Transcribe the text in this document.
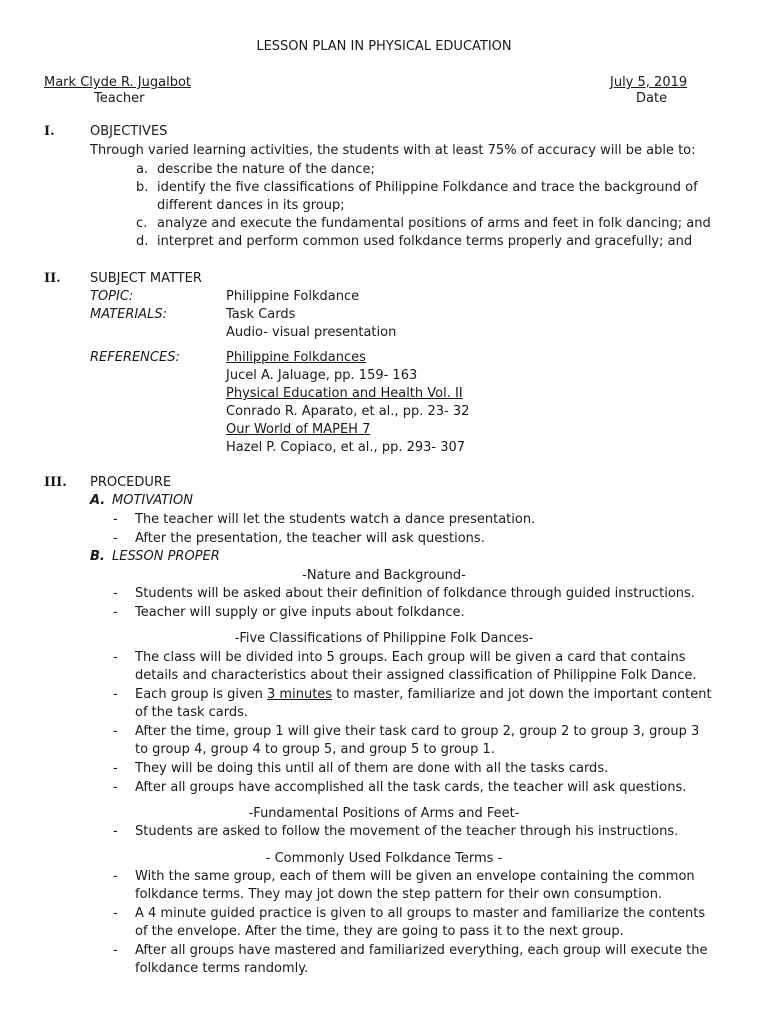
LESSON PLAN IN PHYSICAL EDUCATION
Mark Clyde R. Jugalbot
Teacher
July 5, 2019
Date
I.	OBJECTIVES
Through varied learning activities, the students with at least 75% of accuracy will be able to:
a. describe the nature of the dance;
b. identify the five classifications of Philippine Folkdance and trace the background of
different dances in its group;
c. analyze and execute the fundamental positions of arms and feet in folk dancing; and
d. interpret and perform common used folkdance terms properly and gracefully; and
II. SUBJECT MATTER
TOPIC:	Philippine Folkdance
MATERIALS:	Task Cards
Audio- visual presentation
REFERENCES:	Philippine Folkdances
Jucel A. Jaluage, pp. 159- 163
Physical Education and Health Vol. II
Conrado R. Aparato, et al., pp. 23- 32
Our World of MAPEH 7
Hazel P. Copiaco, et al., pp. 293- 307
III. PROCEDURE
A. MOTIVATION
- The teacher will let the students watch a dance presentation.
- After the presentation, the teacher will ask questions.
B. LESSON PROPER
-Nature and Background-
- Students will be asked about their definition of folkdance through guided instructions.
- Teacher will supply or give inputs about folkdance.
-Five Classifications of Philippine Folk Dances-
- The class will be divided into 5 groups. Each group will be given a card that contains
details and characteristics about their assigned classification of Philippine Folk Dance.
- Each group is given 3 minutes to master, familiarize and jot down the important content
of the task cards.
- After the time, group 1 will give their task card to group 2, group 2 to group 3, group 3
to group 4, group 4 to group 5, and group 5 to group 1.
- They will be doing this until all of them are done with all the tasks cards.
- After all groups have accomplished all the task cards, the teacher will ask questions.
-Fundamental Positions of Arms and Feet-
- Students are asked to follow the movement of the teacher through his instructions.
- Commonly Used Folkdance Terms -
- With the same group, each of them will be given an envelope containing the common
folkdance terms. They may jot down the step pattern for their own consumption.
- A 4 minute guided practice is given to all groups to master and familiarize the contents
of the envelope. After the time, they are going to pass it to the next group.
- After all groups have mastered and familiarized everything, each group will execute the
folkdance terms randomly.
